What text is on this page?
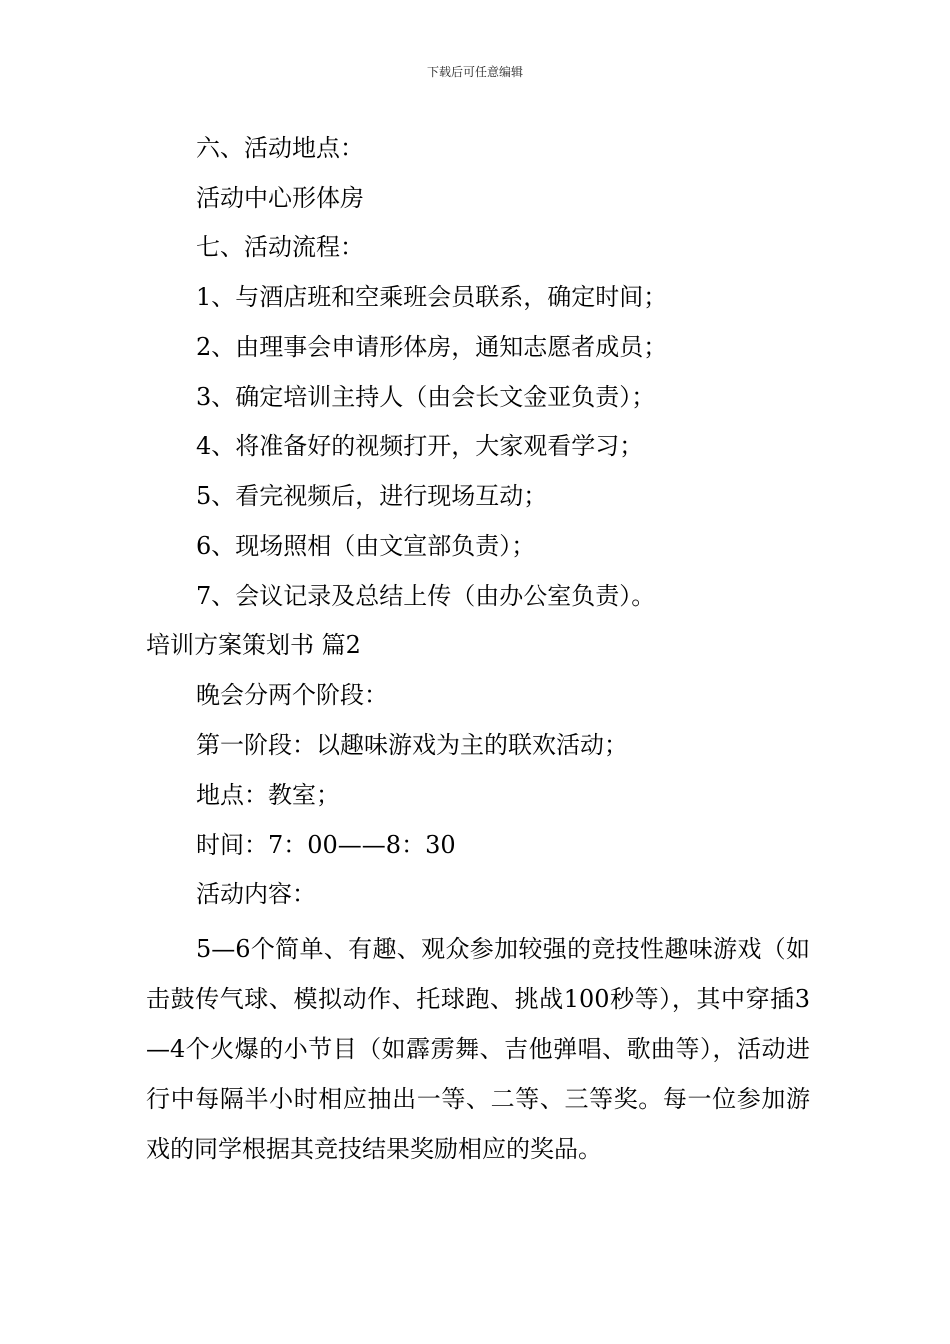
下载后可任意编辑
六、活动地点：
活动中心形体房
七、活动流程：
1、与酒店班和空乘班会员联系，确定时间；
2、由理事会申请形体房，通知志愿者成员；
3、确定培训主持人（由会长文金亚负责）；
4、将准备好的视频打开，大家观看学习；
5、看完视频后，进行现场互动；
6、现场照相（由文宣部负责）；
7、会议记录及总结上传（由办公室负责）。
培训方案策划书 篇2
晚会分两个阶段：
第一阶段：以趣味游戏为主的联欢活动；
地点：教室；
时间：7：00——8：30
活动内容：
5—6个简单、有趣、观众参加较强的竞技性趣味游戏（如击鼓传气球、模拟动作、托球跑、挑战100秒等），其中穿插3—4个火爆的小节目（如霹雳舞、吉他弹唱、歌曲等），活动进行中每隔半小时相应抽出一等、二等、三等奖。每一位参加游戏的同学根据其竞技结果奖励相应的奖品。
